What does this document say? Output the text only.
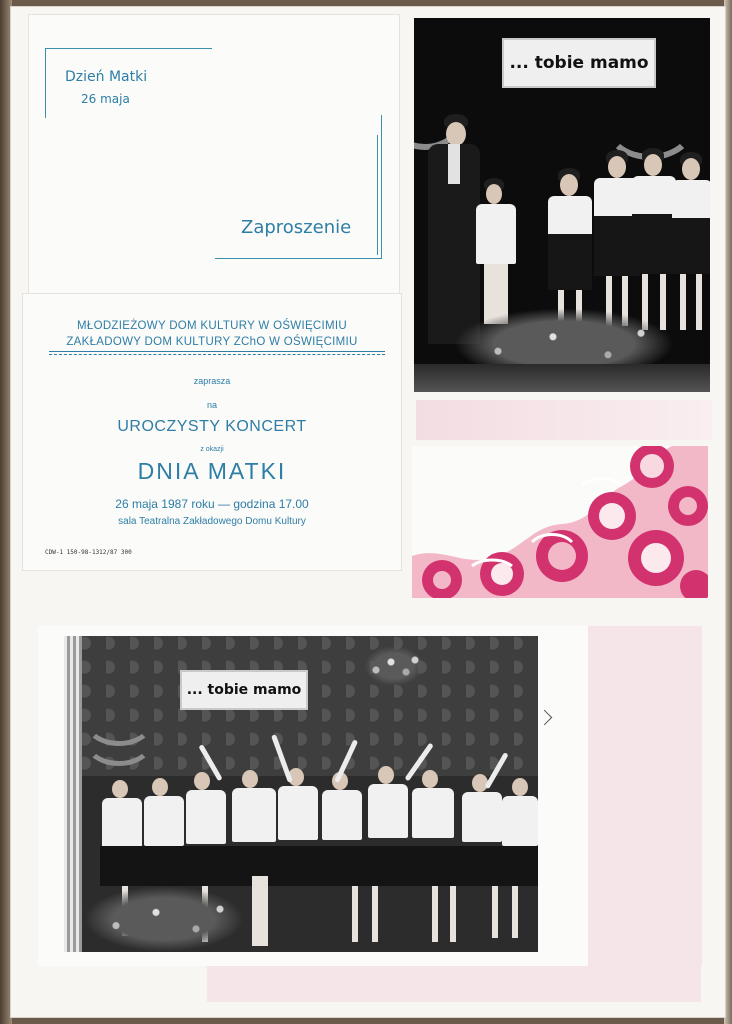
Dzień Matki
26 maja
Zaproszenie
MŁODZIEŻOWY DOM KULTURY W OŚWIĘCIMIU
ZAKŁADOWY DOM KULTURY ZChO W OŚWIĘCIMIU
zaprasza
na
UROCZYSTY KONCERT
z okazji
DNIA MATKI
26 maja 1987 roku — godzina 17.00
sala Teatralna Zakładowego Domu Kultury
CDW-1 150-98-1312/87 300
... tobie mamo
... tobie mamo
